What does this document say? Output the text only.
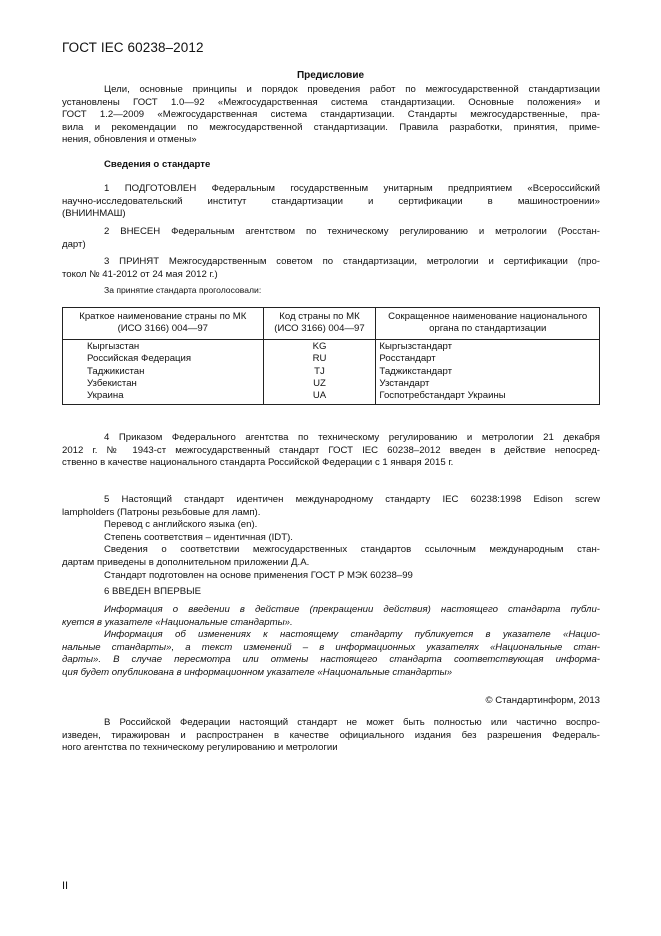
ГОСТ IEC 60238–2012
Предисловие
Цели, основные принципы и порядок проведения работ по межгосударственной стандартизации
установлены ГОСТ 1.0—92 «Межгосударственная система стандартизации. Основные положения» и
ГОСТ 1.2—2009 «Межгосударственная система стандартизации. Стандарты межгосударственные, пра-
вила и рекомендации по межгосударственной стандартизации. Правила разработки, принятия, приме-
нения, обновления и отмены»
Сведения о стандарте
1 ПОДГОТОВЛЕН Федеральным государственным унитарным предприятием «Всероссийский
научно-исследовательский институт стандартизации и сертификации в машиностроении»
(ВНИИНМАШ)
2 ВНЕСЕН Федеральным агентством по техническому регулированию и метрологии (Росстан-
дарт)
3 ПРИНЯТ Межгосударственным советом по стандартизации, метрологии и сертификации (про-
токол № 41-2012 от 24 мая 2012 г.)
За принятие стандарта проголосовали:
Краткое наименование страны по МК (ИСО 3166) 004—97	Код страны по МК (ИСО 3166) 004—97	Сокращенное наименование национального органа по стандартизации
Кыргызстан	KG	Кыргызстандарт
Российская Федерация	RU	Росстандарт
Таджикистан	TJ	Таджикстандарт
Узбекистан	UZ	Узстандарт
Украина	UA	Госпотребстандарт Украины
4 Приказом Федерального агентства по техническому регулированию и метрологии 21 декабря
2012 г. № 1943-ст межгосударственный стандарт ГОСТ IEC 60238–2012 введен в действие непосред-
ственно в качестве национального стандарта Российской Федерации с 1 января 2015 г.
5 Настоящий стандарт идентичен международному стандарту IEC 60238:1998 Edison screw
lampholders (Патроны резьбовые для ламп).
Перевод с английского языка (en).
Степень соответствия – идентичная (IDT).
Сведения о соответствии межгосударственных стандартов ссылочным международным стан-
дартам приведены в дополнительном приложении Д.А.
Стандарт подготовлен на основе применения ГОСТ Р МЭК 60238–99
6 ВВЕДЕН ВПЕРВЫЕ
Информация о введении в действие (прекращении действия) настоящего стандарта публи-
куется в указателе «Национальные стандарты».
Информация об изменениях к настоящему стандарту публикуется в указателе «Нацио-
нальные стандарты», а текст изменений – в информационных указателях «Национальные стан-
дарты». В случае пересмотра или отмены настоящего стандарта соответствующая информа-
ция будет опубликована в информационном указателе «Национальные стандарты»
© Стандартинформ, 2013
В Российской Федерации настоящий стандарт не может быть полностью или частично воспро-
изведен, тиражирован и распространен в качестве официального издания без разрешения Федераль-
ного агентства по техническому регулированию и метрологии
II
